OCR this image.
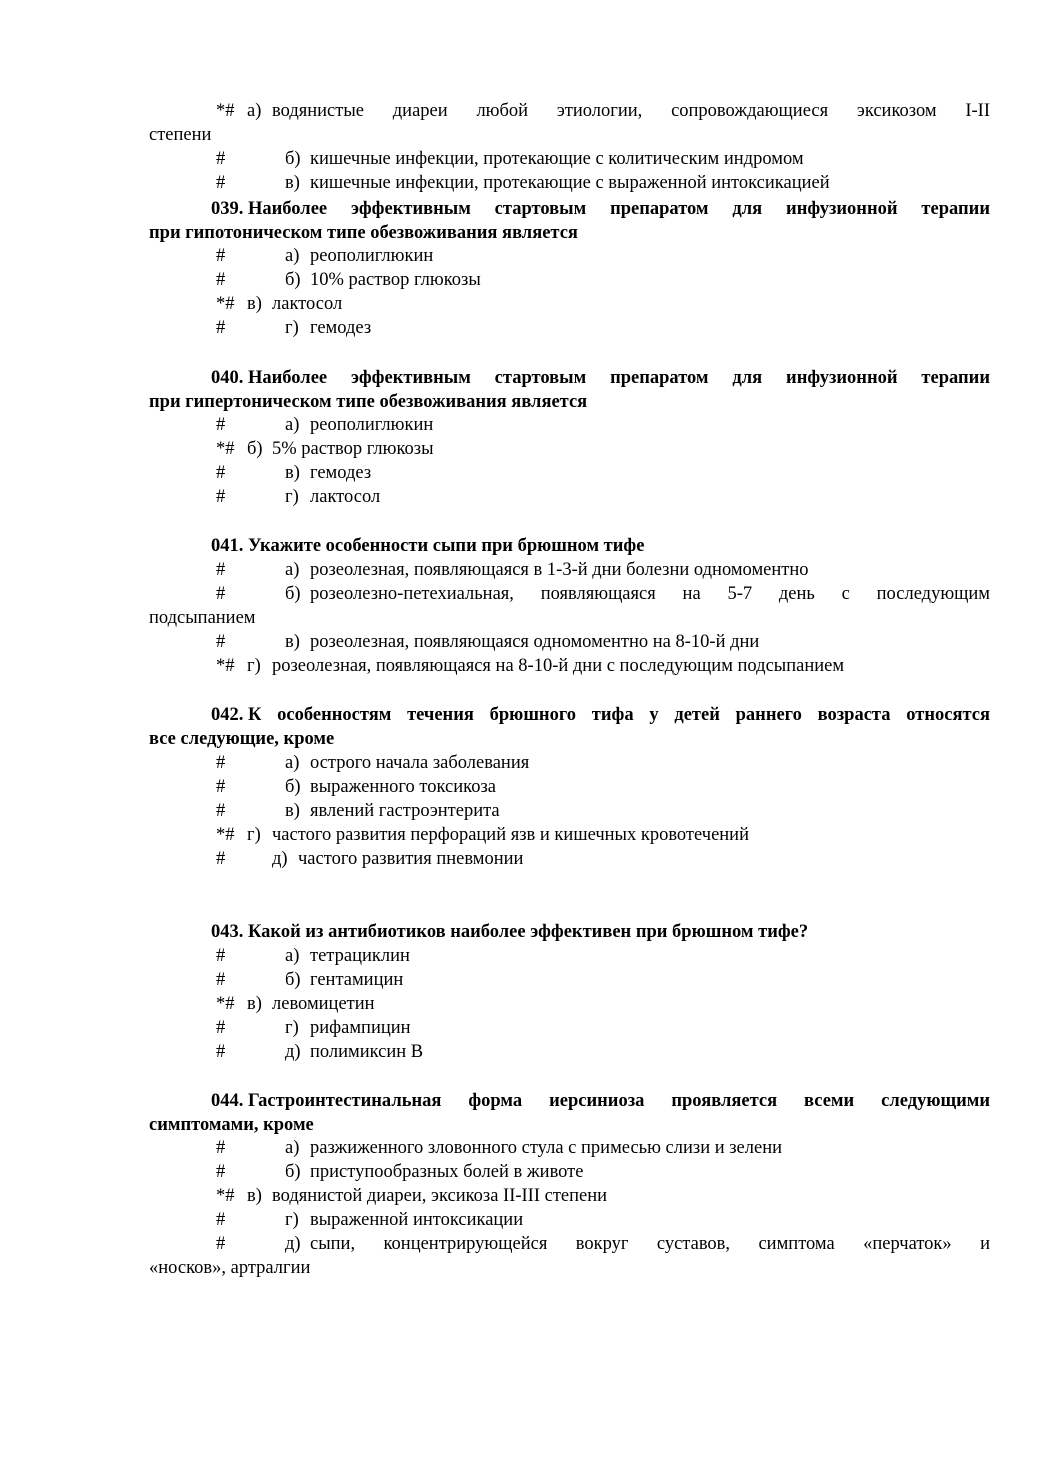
*# а) водянистые диареи любой этиологии, сопровождающиеся эксикозом I-II
степени
#	б) кишечные инфекции, протекающие с колитическим индромом
#	в) кишечные инфекции, протекающие с выраженной интоксикацией
039. Наиболее эффективным стартовым препаратом для инфузионной терапии
при гипотоническом типе обезвоживания является
#	а) реополиглюкин
#	б) 10% раствор глюкозы
*# в) лактосол
#	г) гемодез
040. Наиболее эффективным стартовым препаратом для инфузионной терапии
при гипертоническом типе обезвоживания является
#	а) реополиглюкин
*# б) 5% раствор глюкозы
#	в) гемодез
#	г) лактосол
041. Укажите особенности сыпи при брюшном тифе
#	а) розеолезная, появляющаяся в 1-3-й дни болезни одномоментно
#	б) розеолезно-петехиальная, появляющаяся на 5-7 день с последующим
подсыпанием
#	в) розеолезная, появляющаяся одномоментно на 8-10-й дни
*# г) розеолезная, появляющаяся на 8-10-й дни с последующим подсыпанием
042. К особенностям течения брюшного тифа у детей раннего возраста относятся
все следующие, кроме
#	а) острого начала заболевания
#	б) выраженного токсикоза
#	в) явлений гастроэнтерита
*# г) частого развития перфораций язв и кишечных кровотечений
#	д) частого развития пневмонии
043. Какой из антибиотиков наиболее эффективен при брюшном тифе?
#	а) тетрациклин
#	б) гентамицин
*# в) левомицетин
#	г) рифампицин
#	д) полимиксин В
044. Гастроинтестинальная форма иерсиниоза проявляется всеми следующими
симптомами, кроме
#	а) разжиженного зловонного стула с примесью слизи и зелени
#	б) приступообразных болей в животе
*# в) водянистой диареи, эксикоза II-III степени
#	г) выраженной интоксикации
#	д) сыпи, концентрирующейся вокруг суставов, симптома «перчаток» и
«носков», артралгии
